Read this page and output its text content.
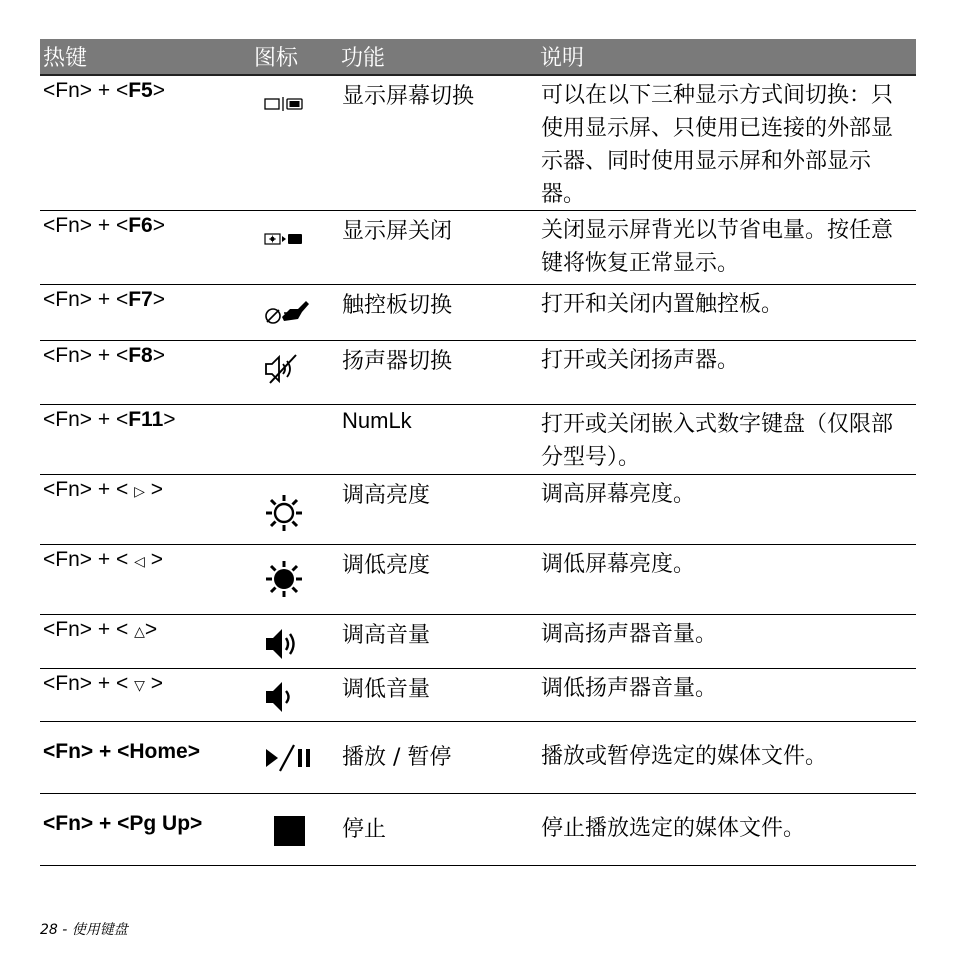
热键	图标	功能	说明
<Fn> + <F5>	显示屏幕切换	可以在以下三种显示方式间切换：只使用显示屏、只使用已连接的外部显示器、同时使用显示屏和外部显示器。
<Fn> + <F6>	显示屏关闭	关闭显示屏背光以节省电量。按任意键将恢复正常显示。
<Fn> + <F7>	触控板切换	打开和关闭内置触控板。
<Fn> + <F8>	扬声器切换	打开或关闭扬声器。
<Fn> + <F11>	NumLk	打开或关闭嵌入式数字键盘（仅限部分型号）。
<Fn> + < ▷ >	调高亮度	调高屏幕亮度。
<Fn> + < ◁ >	调低亮度	调低屏幕亮度。
<Fn> + < △>	调高音量	调高扬声器音量。
<Fn> + < ▽ >	调低音量	调低扬声器音量。
<Fn> + <Home>	播放 / 暂停	播放或暂停选定的媒体文件。
<Fn> + <Pg Up>	停止	停止播放选定的媒体文件。
28 - 使用键盘
